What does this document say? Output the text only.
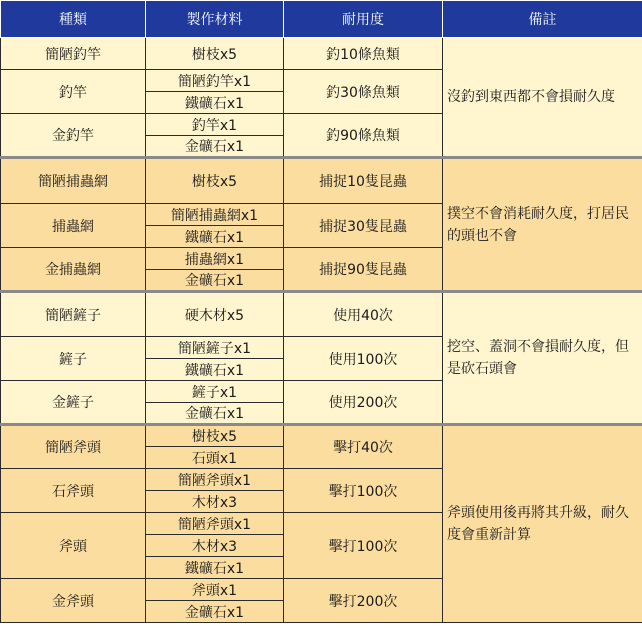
種類	製作材料	耐用度	備註
簡陋釣竿	樹枝x5	釣10條魚類	沒釣到東西都不會損耐久度
釣竿	簡陋釣竿x1	釣30條魚類	
	鐵礦石x1		
金釣竿	釣竿x1	釣90條魚類	
	金礦石x1		
簡陋捕蟲網	樹枝x5	捕捉10隻昆蟲	撲空不會消耗耐久度，打居民的頭也不會
捕蟲網	簡陋捕蟲網x1	捕捉30隻昆蟲	
	鐵礦石x1		
金捕蟲網	捕蟲網x1	捕捉90隻昆蟲	
	金礦石x1		
簡陋鏟子	硬木材x5	使用40次	挖空、蓋洞不會損耐久度，但是砍石頭會
鏟子	簡陋鏟子x1	使用100次	
	鐵礦石x1		
金鏟子	鏟子x1	使用200次	
	金礦石x1		
簡陋斧頭	樹枝x5	擊打40次	斧頭使用後再將其升級，耐久度會重新計算
	石頭x1		
石斧頭	簡陋斧頭x1	擊打100次	
	木材x3		
斧頭	簡陋斧頭x1	擊打100次	
	木材x3		
	鐵礦石x1		
金斧頭	斧頭x1	擊打200次	
	金礦石x1		
